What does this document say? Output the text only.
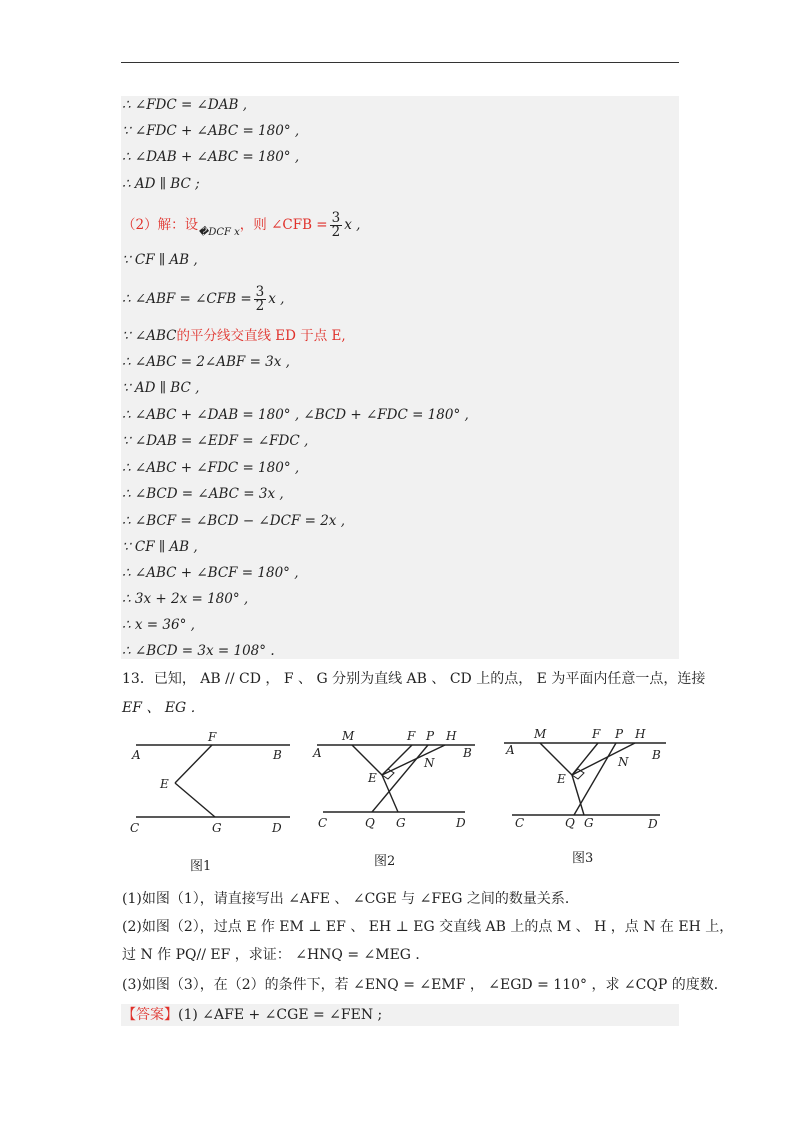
∴ ∠FDC = ∠DAB ,
∵ ∠FDC + ∠ABC = 180° ,
∴ ∠DAB + ∠ABC = 180° ,
∴ AD ∥ BC ;
（2）解：设$_{�DCF x}$，则 ∠CFB = $\frac{3}{2}$ x ,
∵ CF ∥ AB ,
∴ ∠ABF = ∠CFB = $\frac{3}{2}$ x ,
∵ ∠ABC的平分线交直线 ED 于点 E,
∴ ∠ABC = 2∠ABF = 3x ,
∵ AD ∥ BC ,
∴ ∠ABC + ∠DAB = 180° , ∠BCD + ∠FDC = 180° ,
∵ ∠DAB = ∠EDF = ∠FDC ,
∴ ∠ABC + ∠FDC = 180° ,
∴ ∠BCD = ∠ABC = 3x ,
∴ ∠BCF = ∠BCD − ∠DCF = 2x ,
∵ CF ∥ AB ,
∴ ∠ABC + ∠BCF = 180° ,
∴ 3x + 2x = 180° ,
∴ x = 36° ,
∴ ∠BCD = 3x = 108° .
13．已知， AB // CD ， F 、 G 分别为直线 AB 、 CD 上的点， E 为平面内任意一点，连接
EF 、 EG ．
A	B
F
E
C	G	D
图1
M	F P H
A	B
E
N
C	Q G	D
图2
M	F P H
A	B
E
N
C	Q G	D
图3
(1)如图（1），请直接写出 ∠AFE 、 ∠CGE 与 ∠FEG 之间的数量关系．
(2)如图（2），过点 E 作 EM ⊥ EF 、 EH ⊥ EG 交直线 AB 上的点 M 、 H ，点 N 在 EH 上，
过 N 作 PQ// EF ，求证： ∠HNQ = ∠MEG ．
(3)如图（3），在（2）的条件下，若 ∠ENQ = ∠EMF ， ∠EGD = 110° ，求 ∠CQP 的度数．
【答案】(1) ∠AFE + ∠CGE = ∠FEN ;
